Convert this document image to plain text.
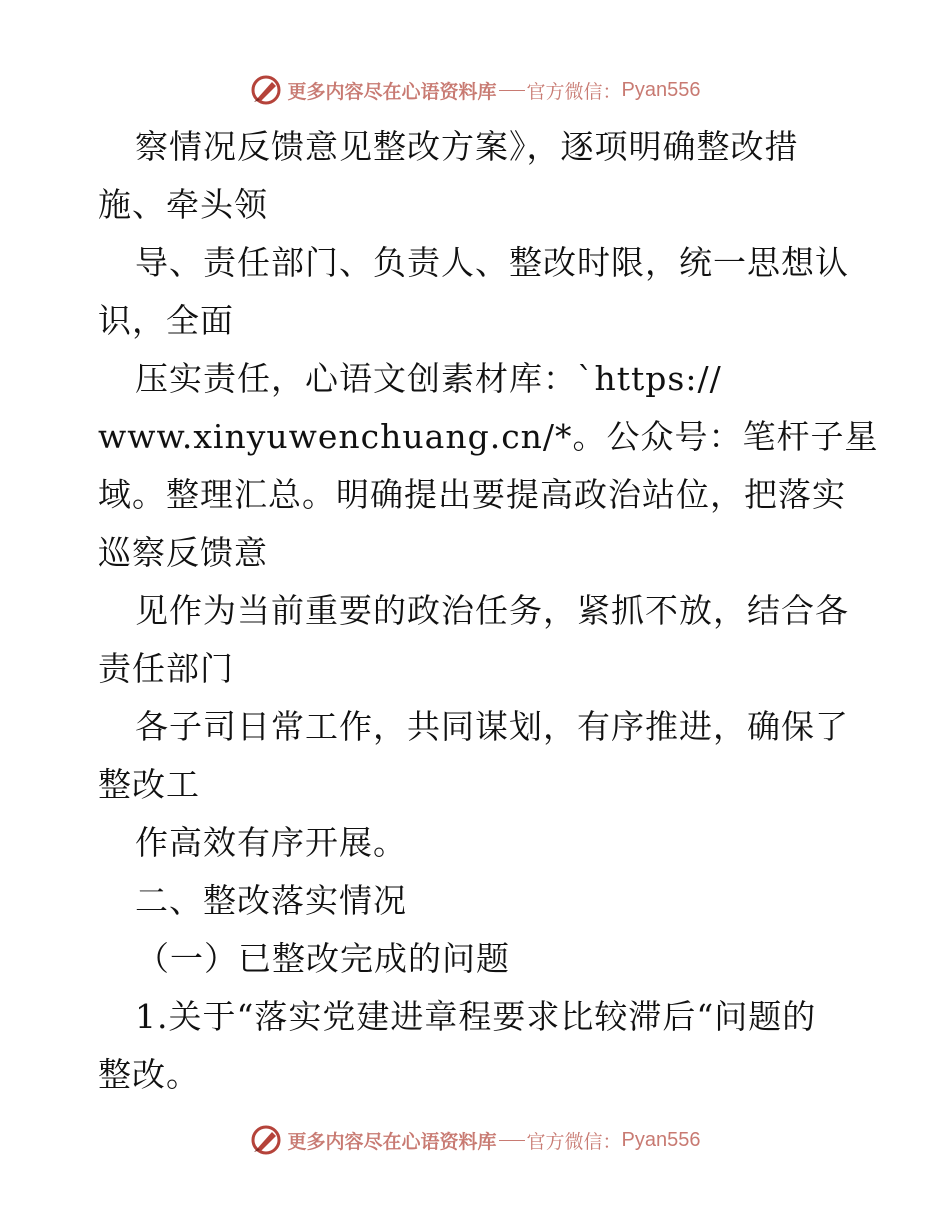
更多内容尽在心语资料库 官方微信： Pyan556
察情况反馈意见整改方案》，逐项明确整改措
施、牵头领
导、责任部门、负责人、整改时限，统一思想认
识，全面
压实责任，心语文创素材库：`https://
www.xinyuwenchuang.cn/*。公众号：笔杆子星
域。整理汇总。明确提出要提高政治站位，把落实
巡察反馈意
见作为当前重要的政治任务，紧抓不放，结合各
责任部门
各子司日常工作，共同谋划，有序推进，确保了
整改工
作高效有序开展。
二、整改落实情况
（一）已整改完成的问题
1.关于“落实党建进章程要求比较滞后“问题的
整改。
更多内容尽在心语资料库 官方微信： Pyan556
